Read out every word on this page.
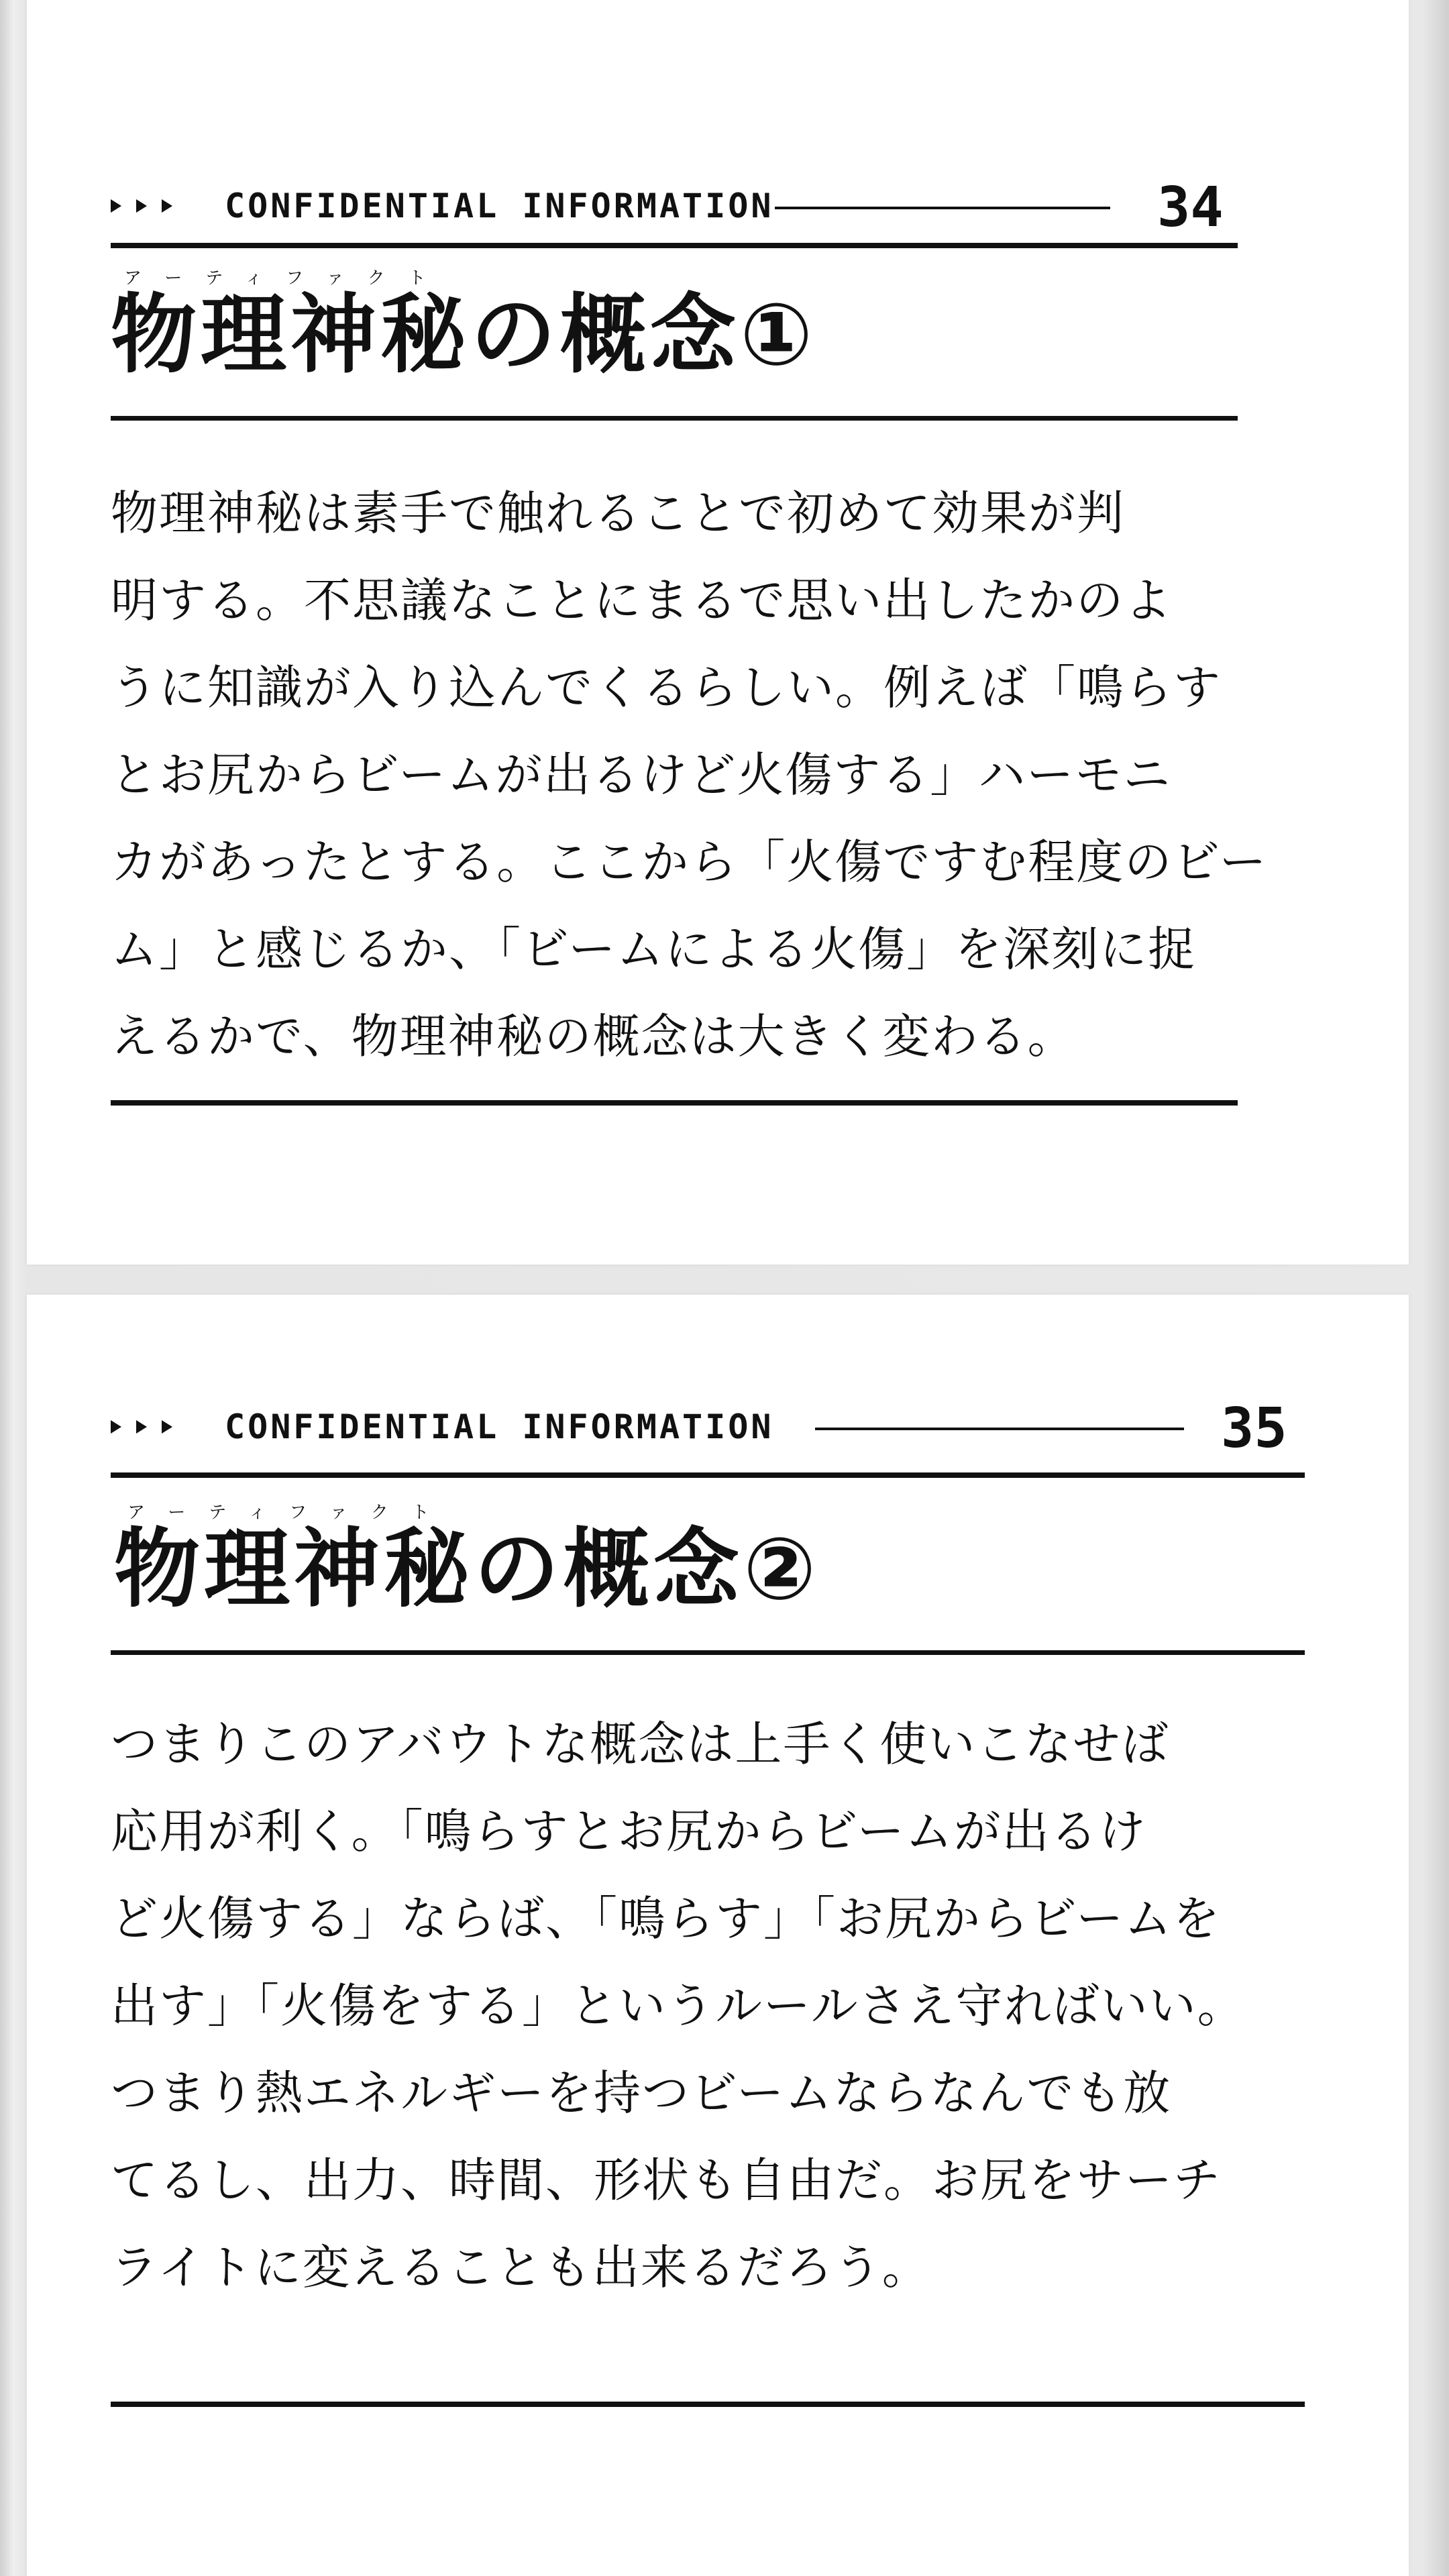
CONFIDENTIAL INFORMATION	34
アーティファクト
物理神秘の概念①
物理神秘は素手で触れることで初めて効果が判
明する。不思議なことにまるで思い出したかのよ
うに知識が入り込んでくるらしい。例えば「鳴らす
とお尻からビームが出るけど火傷する」ハーモニ
カがあったとする。ここから「火傷ですむ程度のビー
ム」と感じるか、「ビームによる火傷」を深刻に捉
えるかで、物理神秘の概念は大きく変わる。
CONFIDENTIAL INFORMATION	35
アーティファクト
物理神秘の概念②
つまりこのアバウトな概念は上手く使いこなせば
応用が利く。「鳴らすとお尻からビームが出るけ
ど火傷する」ならば、「鳴らす」「お尻からビームを
出す」「火傷をする」というルールさえ守ればいい。
つまり熱エネルギーを持つビームならなんでも放
てるし、出力、時間、形状も自由だ。お尻をサーチ
ライトに変えることも出来るだろう。
